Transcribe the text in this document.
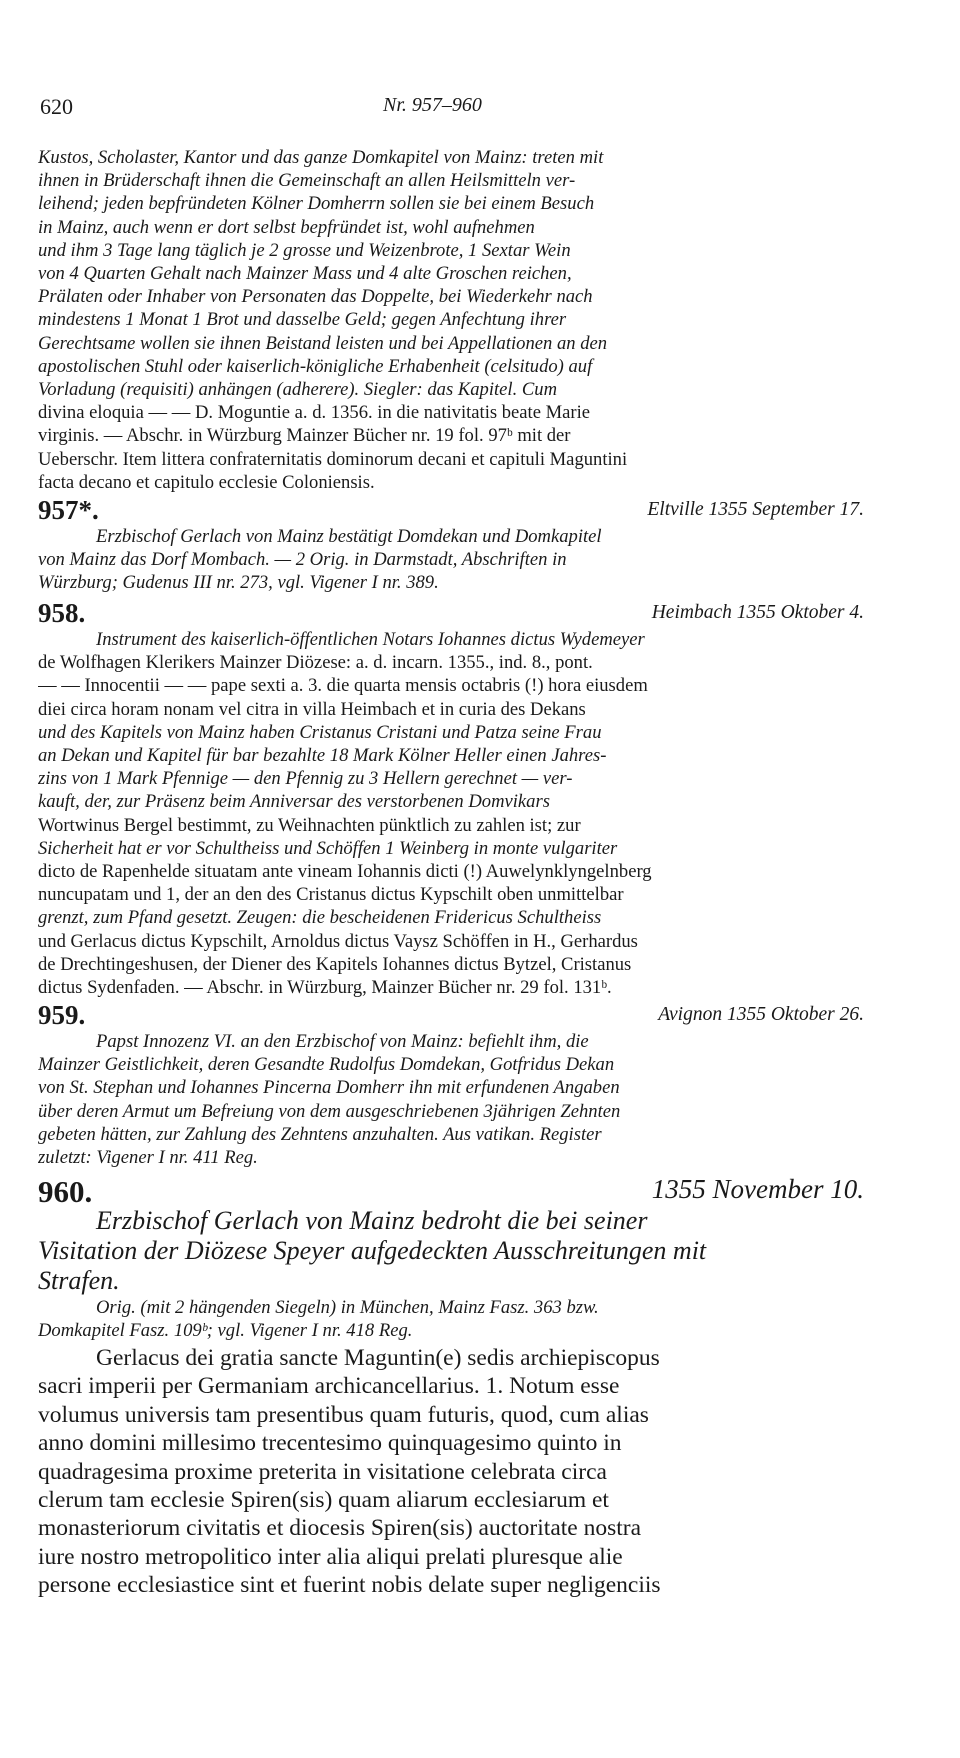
620	Nr. 957–960
Kustos, Scholaster, Kantor und das ganze Domkapitel von Mainz: treten mit
ihnen in Brüderschaft ihnen die Gemeinschaft an allen Heilsmitteln ver-
leihend; jeden bepfründeten Kölner Domherrn sollen sie bei einem Besuch
in Mainz, auch wenn er dort selbst bepfründet ist, wohl aufnehmen
und ihm 3 Tage lang täglich je 2 grosse und Weizenbrote, 1 Sextar Wein
von 4 Quarten Gehalt nach Mainzer Mass und 4 alte Groschen reichen,
Prälaten oder Inhaber von Personaten das Doppelte, bei Wiederkehr nach
mindestens 1 Monat 1 Brot und dasselbe Geld; gegen Anfechtung ihrer
Gerechtsame wollen sie ihnen Beistand leisten und bei Appellationen an den
apostolischen Stuhl oder kaiserlich-königliche Erhabenheit (celsitudo) auf
Vorladung (requisiti) anhängen (adherere). Siegler: das Kapitel. Cum
divina eloquia — — D. Moguntie a. d. 1356. in die nativitatis beate Marie
virginis. — Abschr. in Würzburg Mainzer Bücher nr. 19 fol. 97ᵇ mit der
Ueberschr. Item littera confraternitatis dominorum decani et capituli Maguntini
facta decano et capitulo ecclesie Coloniensis.
957*.	Eltville 1355 September 17.
Erzbischof Gerlach von Mainz bestätigt Domdekan und Domkapitel
von Mainz das Dorf Mombach. — 2 Orig. in Darmstadt, Abschriften in
Würzburg; Gudenus III nr. 273, vgl. Vigener I nr. 389.
958.	Heimbach 1355 Oktober 4.
Instrument des kaiserlich-öffentlichen Notars Iohannes dictus Wydemeyer
de Wolfhagen Klerikers Mainzer Diözese: a. d. incarn. 1355., ind. 8., pont.
— — Innocentii — — pape sexti a. 3. die quarta mensis octabris (!) hora eiusdem
diei circa horam nonam vel citra in villa Heimbach et in curia des Dekans
und des Kapitels von Mainz haben Cristanus Cristani und Patza seine Frau
an Dekan und Kapitel für bar bezahlte 18 Mark Kölner Heller einen Jahres-
zins von 1 Mark Pfennige — den Pfennig zu 3 Hellern gerechnet — ver-
kauft, der, zur Präsenz beim Anniversar des verstorbenen Domvikars
Wortwinus Bergel bestimmt, zu Weihnachten pünktlich zu zahlen ist; zur
Sicherheit hat er vor Schultheiss und Schöffen 1 Weinberg in monte vulgariter
dicto de Rapenhelde situatam ante vineam Iohannis dicti (!) Auwelynklyngelnberg
nuncupatam und 1, der an den des Cristanus dictus Kypschilt oben unmittelbar
grenzt, zum Pfand gesetzt. Zeugen: die bescheidenen Fridericus Schultheiss
und Gerlacus dictus Kypschilt, Arnoldus dictus Vaysz Schöffen in H., Gerhardus
de Drechtingeshusen, der Diener des Kapitels Iohannes dictus Bytzel, Cristanus
dictus Sydenfaden. — Abschr. in Würzburg, Mainzer Bücher nr. 29 fol. 131ᵇ.
959.	Avignon 1355 Oktober 26.
Papst Innozenz VI. an den Erzbischof von Mainz: befiehlt ihm, die
Mainzer Geistlichkeit, deren Gesandte Rudolfus Domdekan, Gotfridus Dekan
von St. Stephan und Iohannes Pincerna Domherr ihn mit erfundenen Angaben
über deren Armut um Befreiung von dem ausgeschriebenen 3jährigen Zehnten
gebeten hätten, zur Zahlung des Zehntens anzuhalten. Aus vatikan. Register
zuletzt: Vigener I nr. 411 Reg.
960.	1355 November 10.
Erzbischof Gerlach von Mainz bedroht die bei seiner
Visitation der Diözese Speyer aufgedeckten Ausschreitungen mit
Strafen.
Orig. (mit 2 hängenden Siegeln) in München, Mainz Fasz. 363 bzw.
Domkapitel Fasz. 109ᵇ; vgl. Vigener I nr. 418 Reg.
Gerlacus dei gratia sancte Maguntin(e) sedis archiepiscopus
sacri imperii per Germaniam archicancellarius. 1. Notum esse
volumus universis tam presentibus quam futuris, quod, cum alias
anno domini millesimo trecentesimo quinquagesimo quinto in
quadragesima proxime preterita in visitatione celebrata circa
clerum tam ecclesie Spiren(sis) quam aliarum ecclesiarum et
monasteriorum civitatis et diocesis Spiren(sis) auctoritate nostra
iure nostro metropolitico inter alia aliqui prelati pluresque alie
persone ecclesiastice sint et fuerint nobis delate super negligenciis
